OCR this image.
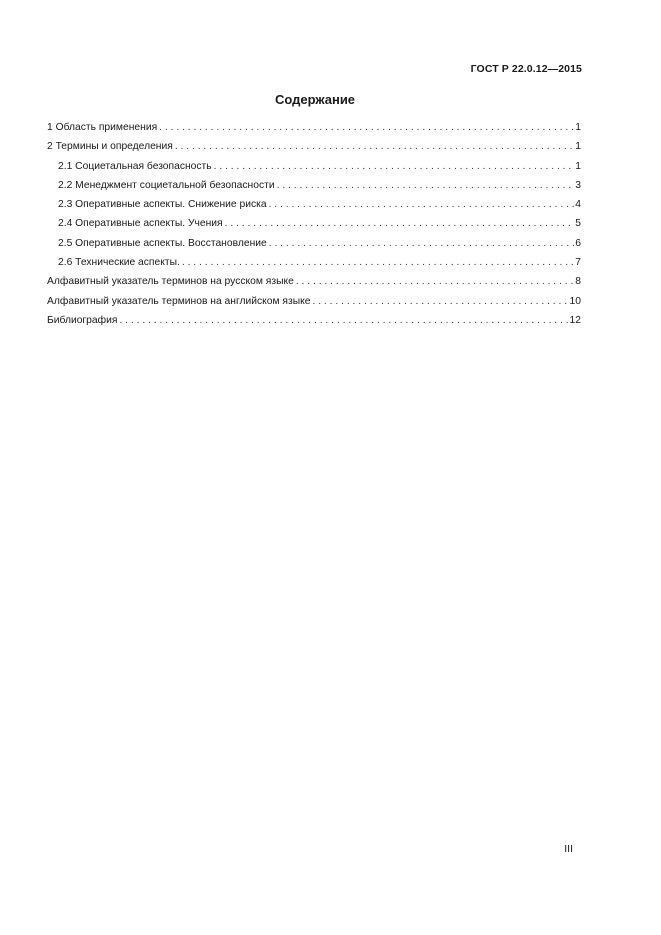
ГОСТ Р 22.0.12—2015
Содержание
1 Область применения . . .	1
2 Термины и определения . . .	1
2.1 Социетальная безопасность . . .	1
2.2 Менеджмент социетальной безопасности . . .	3
2.3 Оперативные аспекты. Снижение риска . . .	4
2.4 Оперативные аспекты. Учения . . .	5
2.5 Оперативные аспекты. Восстановление . . .	6
2.6 Технические аспекты. . . .	7
Алфавитный указатель терминов на русском языке . . .	8
Алфавитный указатель терминов на английском языке . . .	10
Библиография . . .	12
III
